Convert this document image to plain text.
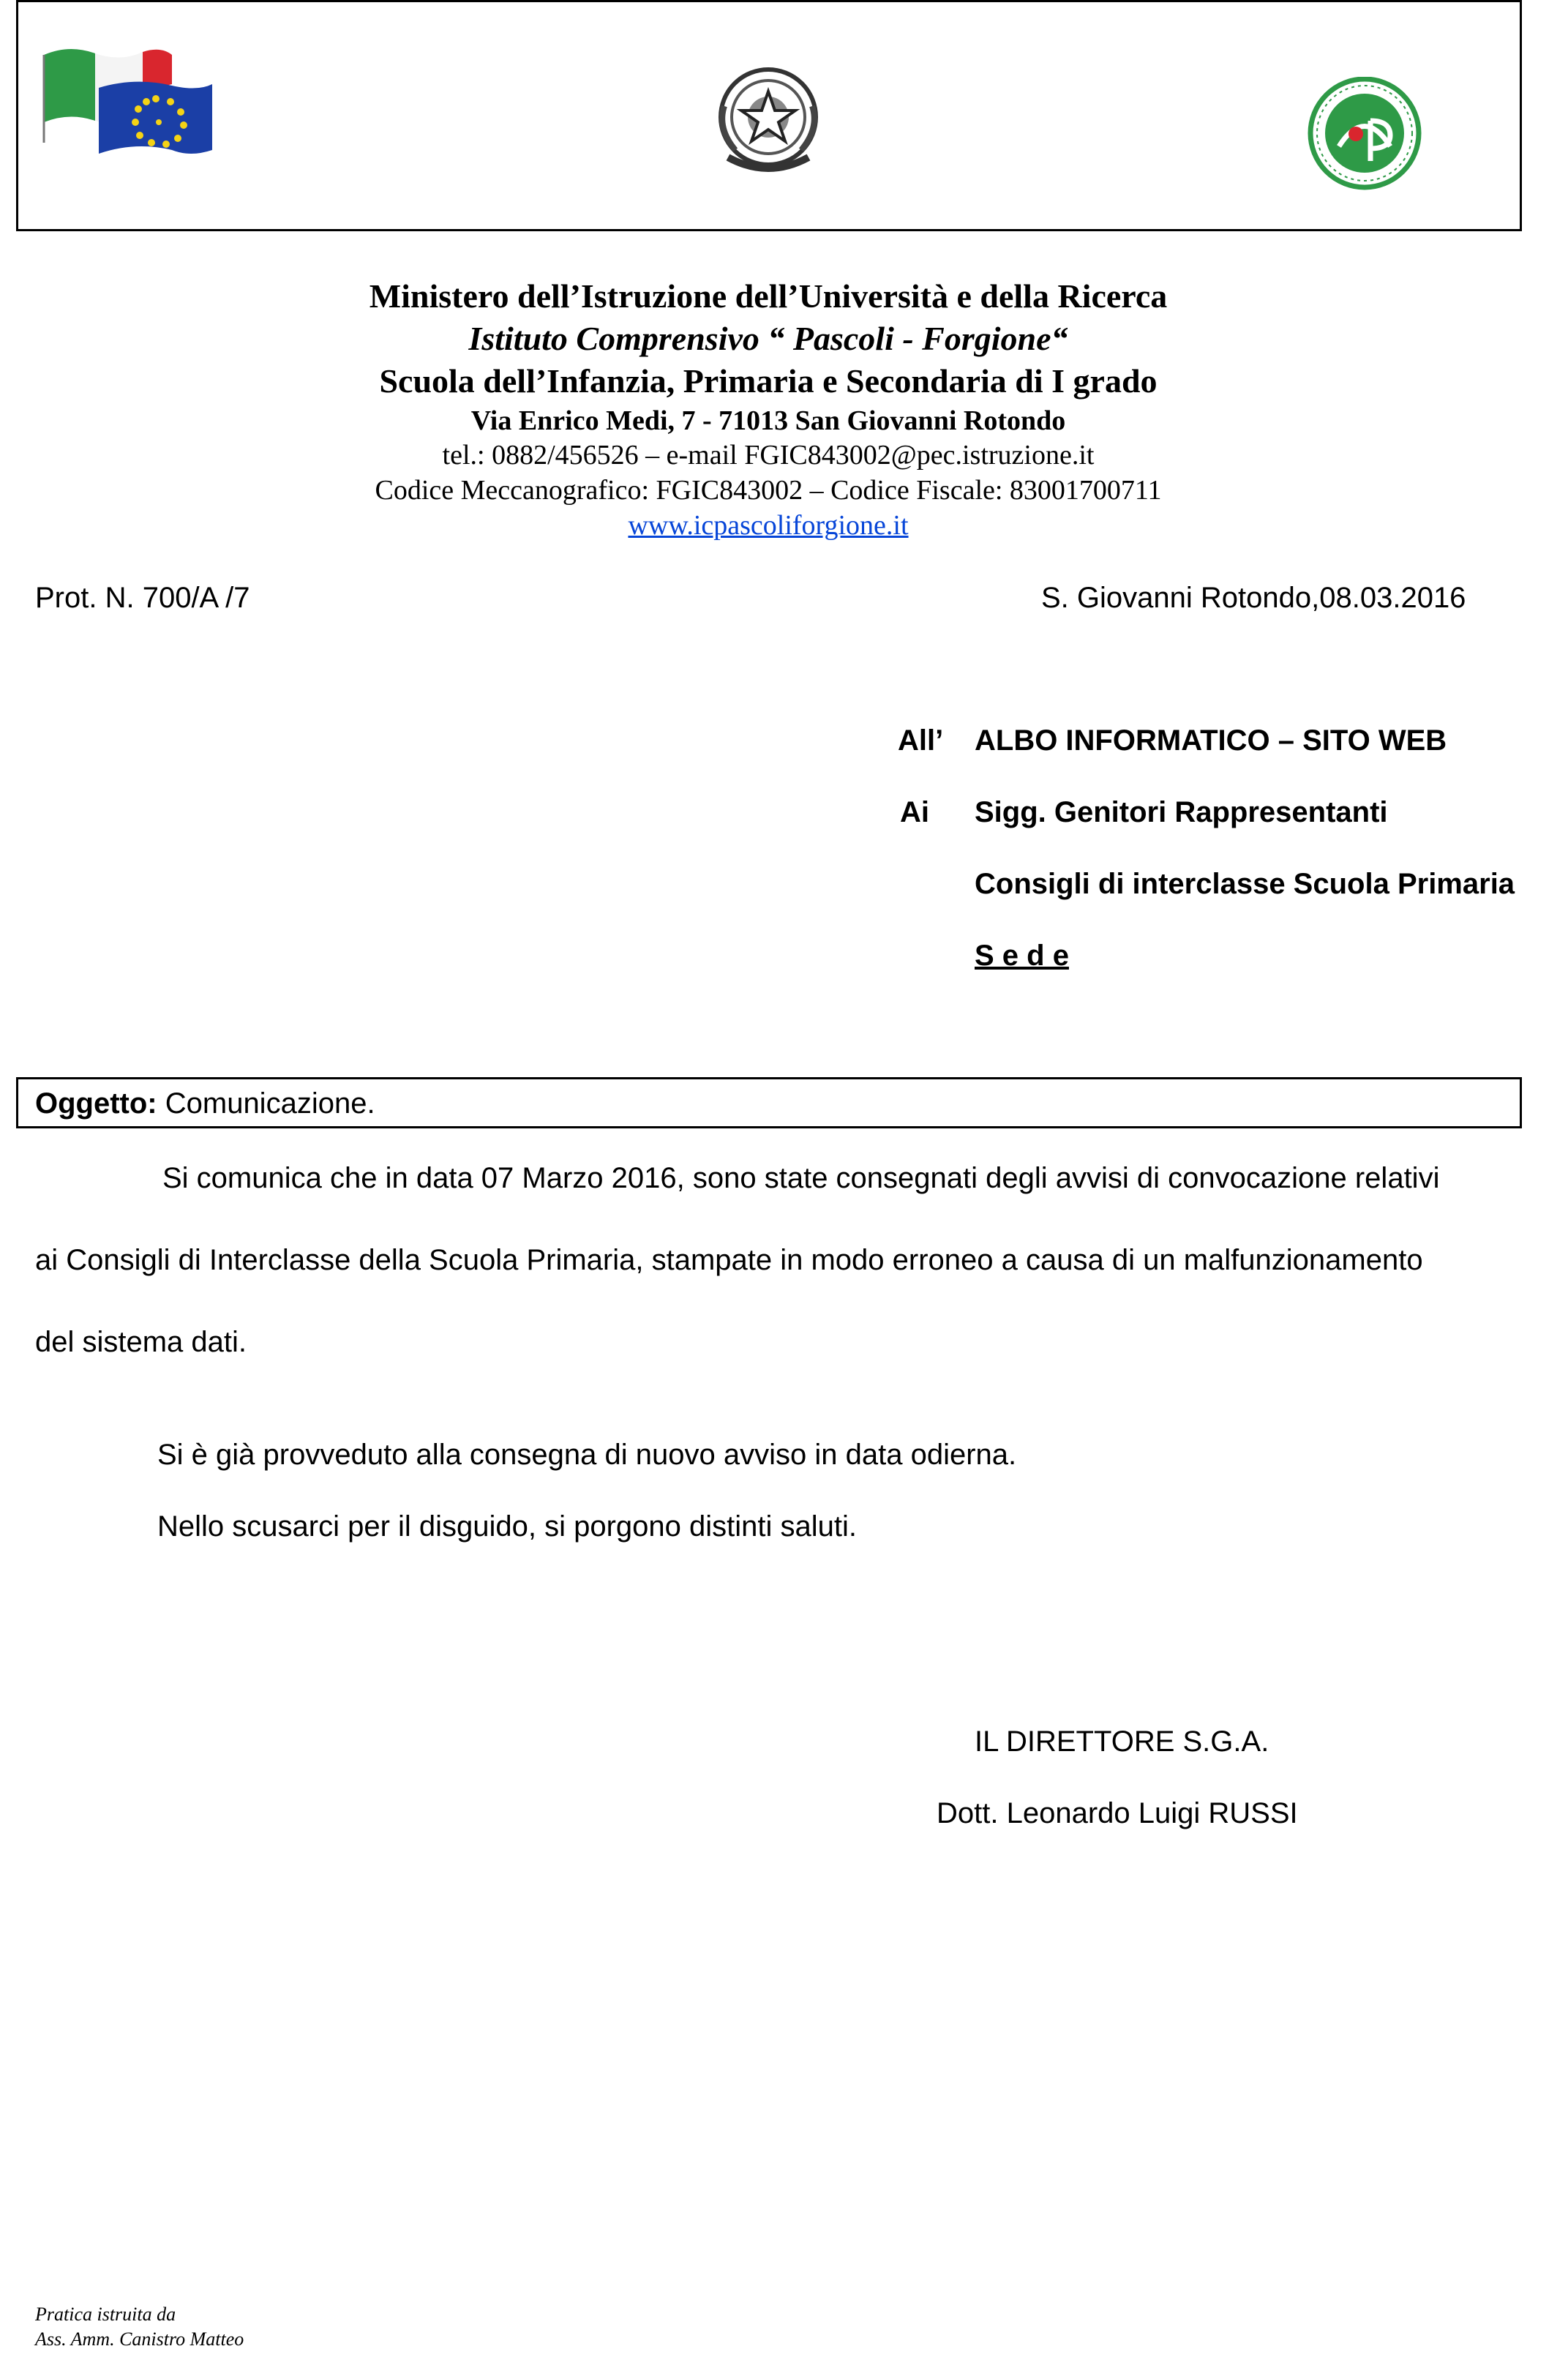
Ministero dell’Istruzione dell’Università e della Ricerca
Istituto Comprensivo “ Pascoli - Forgione“
Scuola dell’Infanzia, Primaria e Secondaria di I grado
Via Enrico Medi, 7 - 71013 San Giovanni Rotondo
tel.: 0882/456526 – e-mail FGIC843002@pec.istruzione.it
Codice Meccanografico: FGIC843002 – Codice Fiscale: 83001700711
www.icpascoliforgione.it
Prot. N. 700/A /7	S. Giovanni Rotondo,08.03.2016
All’ ALBO INFORMATICO – SITO WEB
Ai Sigg. Genitori Rappresentanti
Consigli di interclasse Scuola Primaria
S e d e
Oggetto: Comunicazione.
Si comunica che in data 07 Marzo 2016, sono state consegnati degli avvisi di convocazione relativi
ai Consigli di Interclasse della Scuola Primaria, stampate in modo erroneo a causa di un malfunzionamento
del sistema dati.
Si è già provveduto alla consegna di nuovo avviso in data odierna.
Nello scusarci per il disguido, si porgono distinti saluti.
IL DIRETTORE S.G.A.
Dott. Leonardo Luigi RUSSI
Pratica istruita da
Ass. Amm. Canistro Matteo
